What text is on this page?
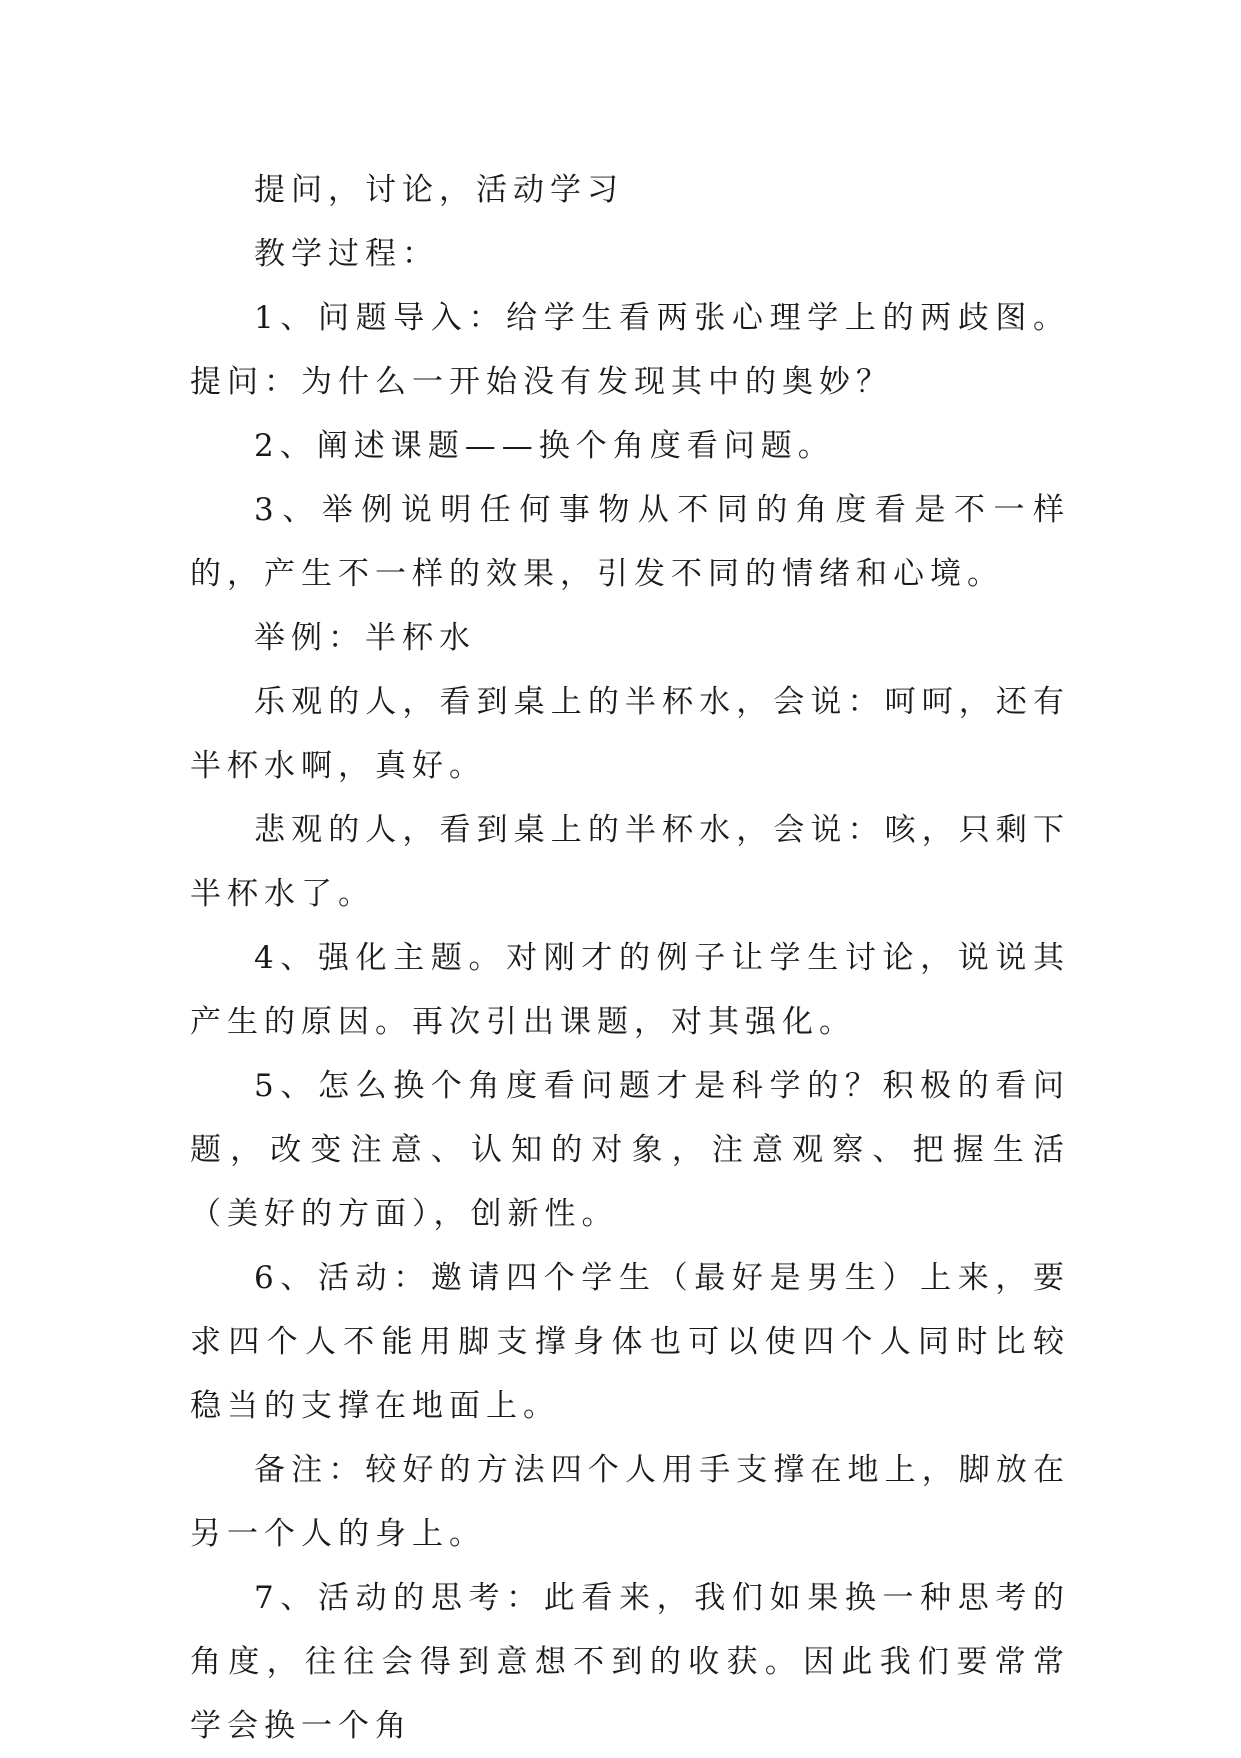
提问，讨论，活动学习

教学过程：

1、问题导入：给学生看两张心理学上的两歧图。提问：为什么一开始没有发现其中的奥妙？

2、阐述课题——换个角度看问题。

3、举例说明任何事物从不同的角度看是不一样的，产生不一样的效果，引发不同的情绪和心境。

举例：半杯水

乐观的人，看到桌上的半杯水，会说：呵呵，还有半杯水啊，真好。

悲观的人，看到桌上的半杯水，会说：咳，只剩下半杯水了。

4、强化主题。对刚才的例子让学生讨论，说说其产生的原因。再次引出课题，对其强化。

5、怎么换个角度看问题才是科学的？积极的看问题，改变注意、认知的对象，注意观察、把握生活（美好的方面），创新性。

6、活动：邀请四个学生（最好是男生）上来，要求四个人不能用脚支撑身体也可以使四个人同时比较稳当的支撑在地面上。

备注：较好的方法四个人用手支撑在地上，脚放在另一个人的身上。

7、活动的思考：此看来，我们如果换一种思考的角度，往往会得到意想不到的收获。因此我们要常常学会换一个角
